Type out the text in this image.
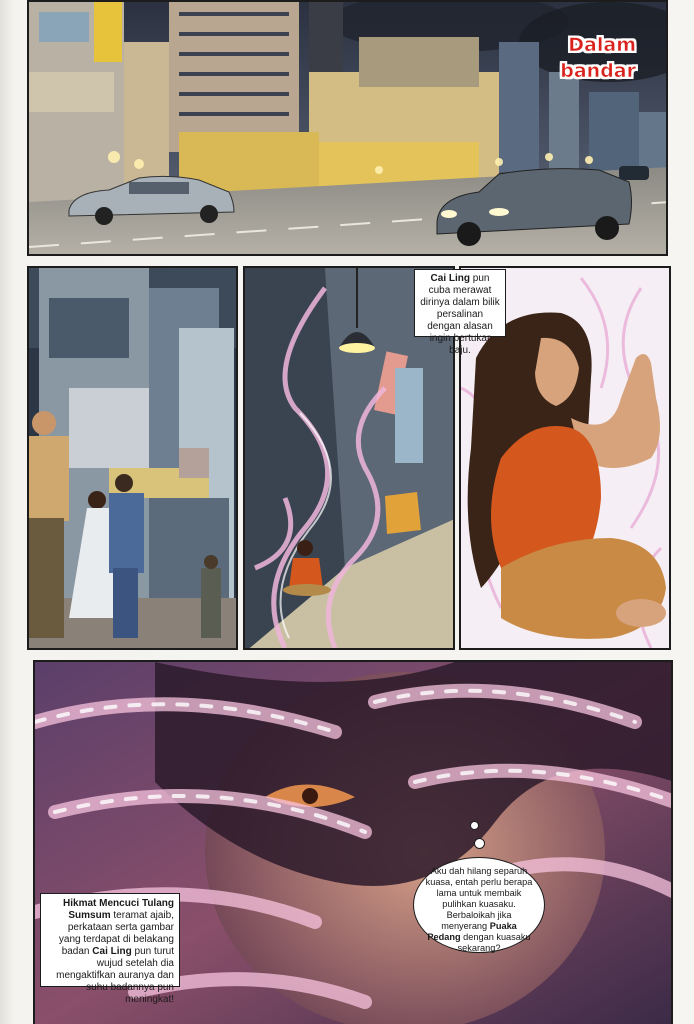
Dalam
bandar
Cai Ling pun cuba merawat dirinya dalam bilik persalinan dengan alasan ingin bertukar baju.
Hikmat Mencuci Tulang Sumsum teramat ajaib, perkataan serta gambar yang terdapat di belakang badan Cai Ling pun turut wujud setelah dia mengaktifkan auranya dan suhu badannya pun meningkat!
Aku dah hilang separuh kuasa, entah perlu berapa lama untuk membaik pulihkan kuasaku. Berbaloikah jika menyerang Puaka Pedang dengan kuasaku sekarang?
